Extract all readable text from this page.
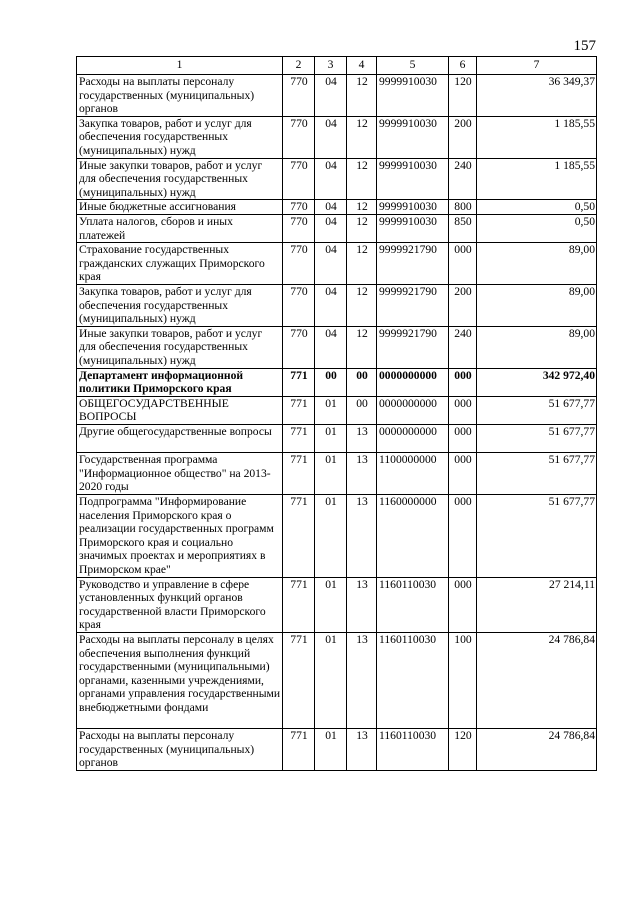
157
1	2	3	4	5	6	7
Расходы на выплаты персоналу государственных (муниципальных) органов	770	04	12	9999910030	120	36 349,37
Закупка товаров, работ и услуг для обеспечения государственных (муниципальных) нужд	770	04	12	9999910030	200	1 185,55
Иные закупки товаров, работ и услуг для обеспечения государственных (муниципальных) нужд	770	04	12	9999910030	240	1 185,55
Иные бюджетные ассигнования	770	04	12	9999910030	800	0,50
Уплата налогов, сборов и иных платежей	770	04	12	9999910030	850	0,50
Страхование государственных гражданских служащих Приморского края	770	04	12	9999921790	000	89,00
Закупка товаров, работ и услуг для обеспечения государственных (муниципальных) нужд	770	04	12	9999921790	200	89,00
Иные закупки товаров, работ и услуг для обеспечения государственных (муниципальных) нужд	770	04	12	9999921790	240	89,00
Департамент информационной политики Приморского края	771	00	00	0000000000	000	342 972,40
ОБЩЕГОСУДАРСТВЕННЫЕ ВОПРОСЫ	771	01	00	0000000000	000	51 677,77
Другие общегосударственные вопросы	771	01	13	0000000000	000	51 677,77
Государственная программа "Информационное общество" на 2013-2020 годы	771	01	13	1100000000	000	51 677,77
Подпрограмма "Информирование населения Приморского края о реализации государственных программ Приморского края и социально значимых проектах и мероприятиях в Приморском крае"	771	01	13	1160000000	000	51 677,77
Руководство и управление в сфере установленных функций органов государственной власти Приморского края	771	01	13	1160110030	000	27 214,11
Расходы на выплаты персоналу в целях обеспечения выполнения функций государственными (муниципальными) органами, казенными учреждениями, органами управления государственными внебюджетными фондами	771	01	13	1160110030	100	24 786,84
Расходы на выплаты персоналу государственных (муниципальных) органов	771	01	13	1160110030	120	24 786,84
